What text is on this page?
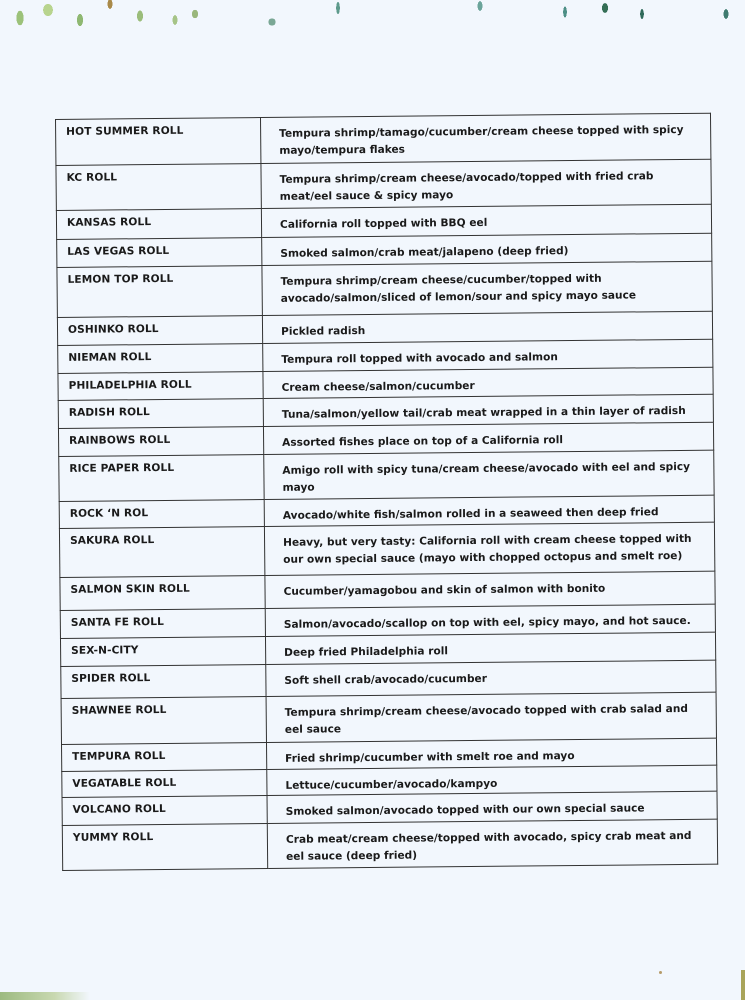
HOT SUMMER ROLL	Tempura shrimp/tamago/cucumber/cream cheese topped with spicy mayo/tempura flakes
KC ROLL	Tempura shrimp/cream cheese/avocado/topped with fried crab meat/eel sauce & spicy mayo
KANSAS ROLL	California roll topped with BBQ eel
LAS VEGAS ROLL	Smoked salmon/crab meat/jalapeno (deep fried)
LEMON TOP ROLL	Tempura shrimp/cream cheese/cucumber/topped with avocado/salmon/sliced of lemon/sour and spicy mayo sauce
OSHINKO ROLL	Pickled radish
NIEMAN ROLL	Tempura roll topped with avocado and salmon
PHILADELPHIA ROLL	Cream cheese/salmon/cucumber
RADISH ROLL	Tuna/salmon/yellow tail/crab meat wrapped in a thin layer of radish
RAINBOWS ROLL	Assorted fishes place on top of a California roll
RICE PAPER ROLL	Amigo roll with spicy tuna/cream cheese/avocado with eel and spicy mayo
ROCK ‘N ROL	Avocado/white fish/salmon rolled in a seaweed then deep fried
SAKURA ROLL	Heavy, but very tasty: California roll with cream cheese topped with our own special sauce (mayo with chopped octopus and smelt roe)
SALMON SKIN ROLL	Cucumber/yamagobou and skin of salmon with bonito
SANTA FE ROLL	Salmon/avocado/scallop on top with eel, spicy mayo, and hot sauce.
SEX-N-CITY	Deep fried Philadelphia roll
SPIDER ROLL	Soft shell crab/avocado/cucumber
SHAWNEE ROLL	Tempura shrimp/cream cheese/avocado topped with crab salad and eel sauce
TEMPURA ROLL	Fried shrimp/cucumber with smelt roe and mayo
VEGATABLE ROLL	Lettuce/cucumber/avocado/kampyo
VOLCANO ROLL	Smoked salmon/avocado topped with our own special sauce
YUMMY ROLL	Crab meat/cream cheese/topped with avocado, spicy crab meat and eel sauce (deep fried)
